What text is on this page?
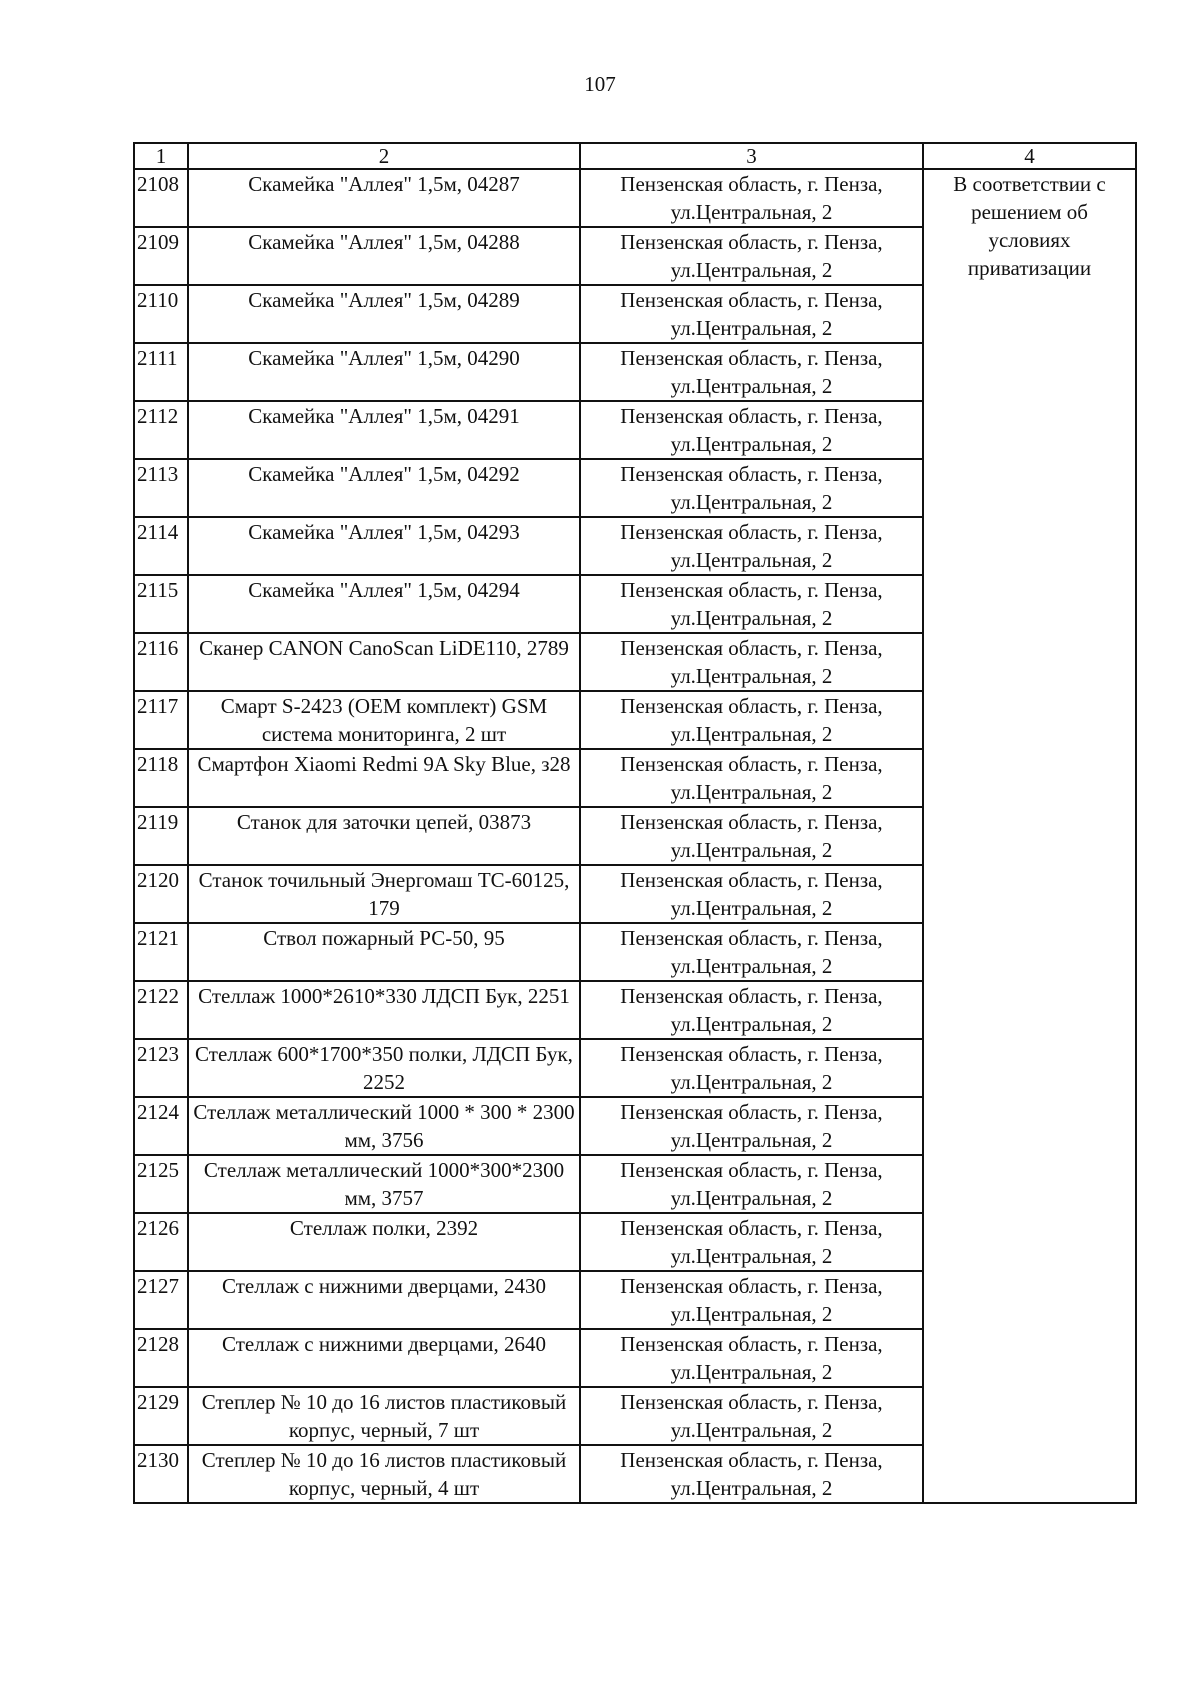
107
1	2	3	4
2108	Скамейка "Аллея" 1,5м, 04287	Пензенская область, г. Пенза, ул.Центральная, 2	В соответствии с решением об условиях приватизации
2109	Скамейка "Аллея" 1,5м, 04288	Пензенская область, г. Пенза, ул.Центральная, 2	
2110	Скамейка "Аллея" 1,5м, 04289	Пензенская область, г. Пенза, ул.Центральная, 2	
2111	Скамейка "Аллея" 1,5м, 04290	Пензенская область, г. Пенза, ул.Центральная, 2	
2112	Скамейка "Аллея" 1,5м, 04291	Пензенская область, г. Пенза, ул.Центральная, 2	
2113	Скамейка "Аллея" 1,5м, 04292	Пензенская область, г. Пенза, ул.Центральная, 2	
2114	Скамейка "Аллея" 1,5м, 04293	Пензенская область, г. Пенза, ул.Центральная, 2	
2115	Скамейка "Аллея" 1,5м, 04294	Пензенская область, г. Пенза, ул.Центральная, 2	
2116	Сканер CANON CanoScan LiDE110, 2789	Пензенская область, г. Пенза, ул.Центральная, 2	
2117	Смарт S-2423 (OEM комплект) GSM система мониторинга, 2 шт	Пензенская область, г. Пенза, ул.Центральная, 2	
2118	Смартфон Xiaomi Redmi 9A Sky Blue, з28	Пензенская область, г. Пенза, ул.Центральная, 2	
2119	Станок для заточки цепей, 03873	Пензенская область, г. Пенза, ул.Центральная, 2	
2120	Станок точильный Энергомаш ТС-60125, 179	Пензенская область, г. Пенза, ул.Центральная, 2	
2121	Ствол пожарный РС-50, 95	Пензенская область, г. Пенза, ул.Центральная, 2	
2122	Стеллаж 1000*2610*330 ЛДСП Бук, 2251	Пензенская область, г. Пенза, ул.Центральная, 2	
2123	Стеллаж 600*1700*350 полки, ЛДСП Бук, 2252	Пензенская область, г. Пенза, ул.Центральная, 2	
2124	Стеллаж металлический 1000 * 300 * 2300 мм, 3756	Пензенская область, г. Пенза, ул.Центральная, 2	
2125	Стеллаж металлический 1000*300*2300 мм, 3757	Пензенская область, г. Пенза, ул.Центральная, 2	
2126	Стеллаж полки, 2392	Пензенская область, г. Пенза, ул.Центральная, 2	
2127	Стеллаж с нижними дверцами, 2430	Пензенская область, г. Пенза, ул.Центральная, 2	
2128	Стеллаж с нижними дверцами, 2640	Пензенская область, г. Пенза, ул.Центральная, 2	
2129	Степлер № 10 до 16 листов пластиковый корпус, черный, 7 шт	Пензенская область, г. Пенза, ул.Центральная, 2	
2130	Степлер № 10 до 16 листов пластиковый корпус, черный, 4 шт	Пензенская область, г. Пенза, ул.Центральная, 2	
